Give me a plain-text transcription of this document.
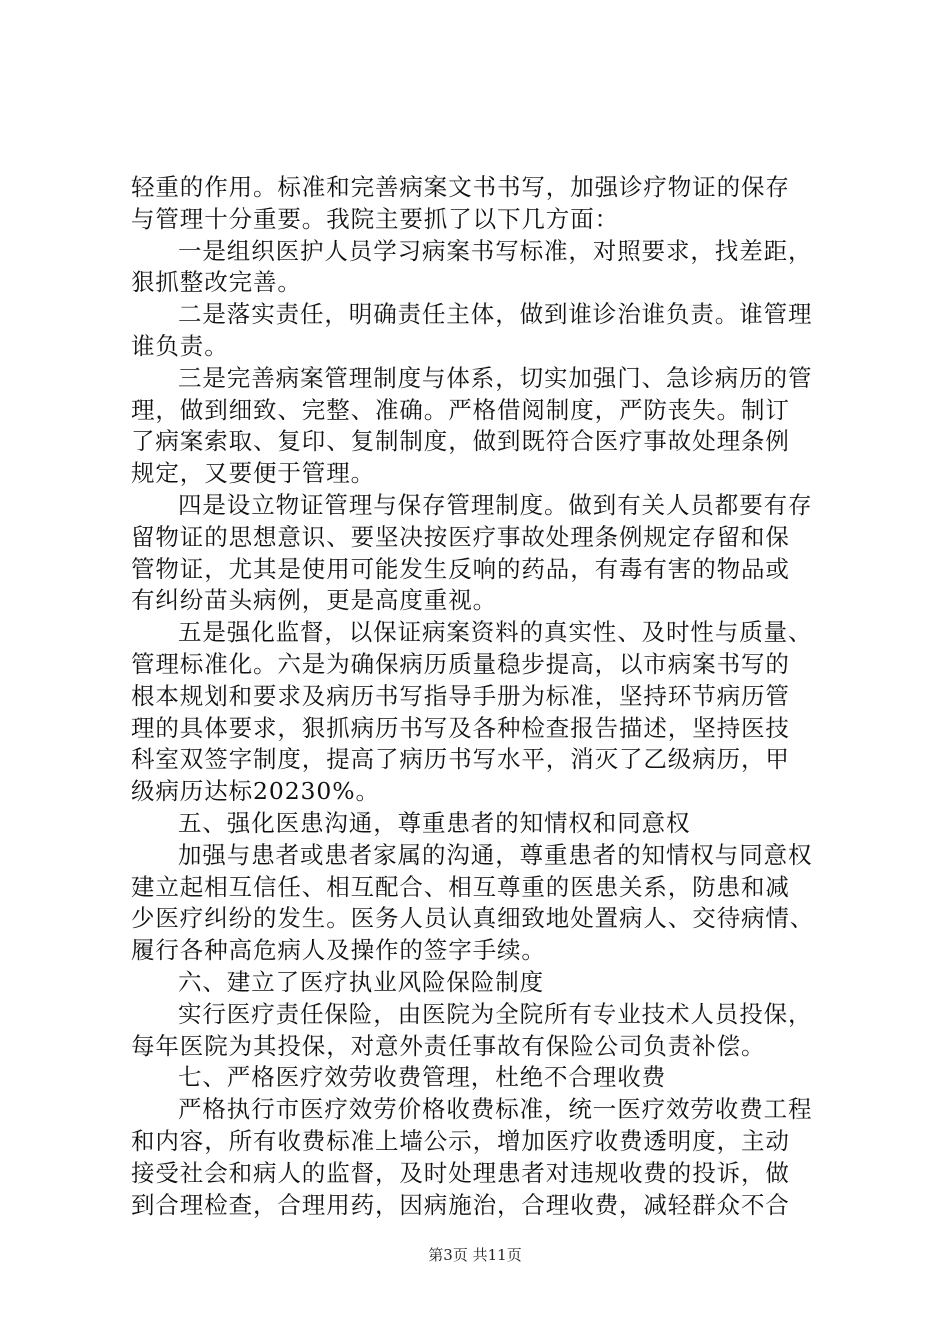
轻重的作用。标准和完善病案文书书写，加强诊疗物证的保存
与管理十分重要。我院主要抓了以下几方面：
一是组织医护人员学习病案书写标准，对照要求，找差距，
狠抓整改完善。
二是落实责任，明确责任主体，做到谁诊治谁负责。谁管理
谁负责。
三是完善病案管理制度与体系，切实加强门、急诊病历的管
理，做到细致、完整、准确。严格借阅制度，严防丧失。制订
了病案索取、复印、复制制度，做到既符合医疗事故处理条例
规定，又要便于管理。
四是设立物证管理与保存管理制度。做到有关人员都要有存
留物证的思想意识、要坚决按医疗事故处理条例规定存留和保
管物证，尤其是使用可能发生反响的药品，有毒有害的物品或
有纠纷苗头病例，更是高度重视。
五是强化监督，以保证病案资料的真实性、及时性与质量、
管理标准化。六是为确保病历质量稳步提高，以市病案书写的
根本规划和要求及病历书写指导手册为标准，坚持环节病历管
理的具体要求，狠抓病历书写及各种检查报告描述，坚持医技
科室双签字制度，提高了病历书写水平，消灭了乙级病历，甲
级病历达标20230%。
五、强化医患沟通，尊重患者的知情权和同意权
加强与患者或患者家属的沟通，尊重患者的知情权与同意权
建立起相互信任、相互配合、相互尊重的医患关系，防患和减
少医疗纠纷的发生。医务人员认真细致地处置病人、交待病情、
履行各种高危病人及操作的签字手续。
六、建立了医疗执业风险保险制度
实行医疗责任保险，由医院为全院所有专业技术人员投保，
每年医院为其投保，对意外责任事故有保险公司负责补偿。
七、严格医疗效劳收费管理，杜绝不合理收费
严格执行市医疗效劳价格收费标准，统一医疗效劳收费工程
和内容，所有收费标准上墙公示，增加医疗收费透明度，主动
接受社会和病人的监督，及时处理患者对违规收费的投诉，做
到合理检查，合理用药，因病施治，合理收费，减轻群众不合
第3页 共11页
